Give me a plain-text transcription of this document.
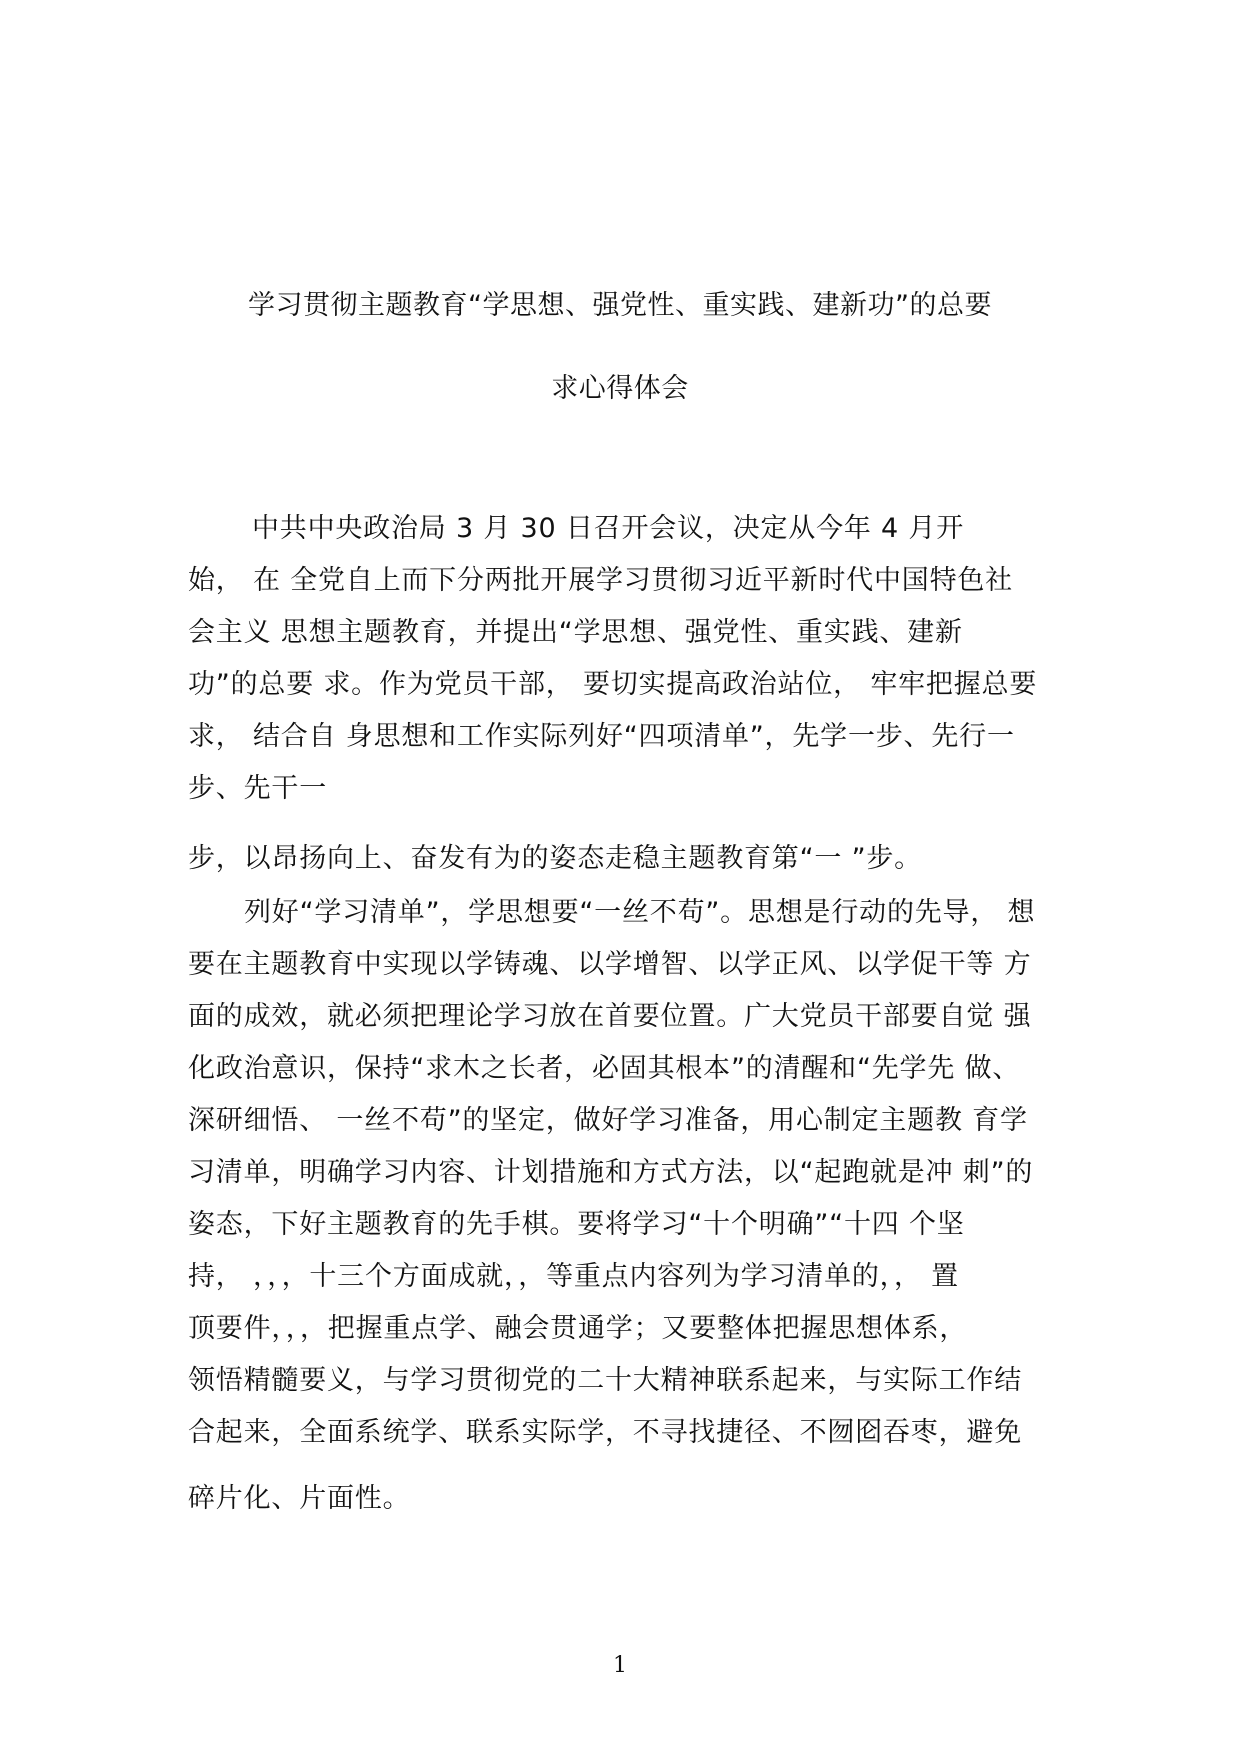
学习贯彻主题教育“学思想、强党性、重实践、建新功”的总要
求心得体会
中共中央政治局 3 月 30 日召开会议，决定从今年 4 月开
始， 在 全党自上而下分两批开展学习贯彻习近平新时代中国特色社
会主义 思想主题教育，并提出“学思想、强党性、重实践、建新
功”的总要 求。作为党员干部， 要切实提高政治站位， 牢牢把握总要
求， 结合自 身思想和工作实际列好“四项清单”，先学一步、先行一
步、先干一
步，以昂扬向上、奋发有为的姿态走稳主题教育第“一 ”步。
列好“学习清单”，学思想要“一丝不苟”。思想是行动的先导， 想
要在主题教育中实现以学铸魂、以学增智、以学正风、以学促干等 方
面的成效，就必须把理论学习放在首要位置。广大党员干部要自觉 强
化政治意识，保持“求木之长者，必固其根本”的清醒和“先学先 做、
深研细悟、 一丝不苟”的坚定，做好学习准备，用心制定主题教 育学
习清单，明确学习内容、计划措施和方式方法，以“起跑就是冲 刺”的
姿态，下好主题教育的先手棋。要将学习“十个明确”“十四 个坚
持， ，，，十三个方面成就，，等重点内容列为学习清单的，， 置
顶要件，，，把握重点学、融会贯通学；又要整体把握思想体系，
领悟精髓要义，与学习贯彻党的二十大精神联系起来，与实际工作结
合起来，全面系统学、联系实际学，不寻找捷径、不囫囵吞枣，避免
碎片化、片面性。
1
